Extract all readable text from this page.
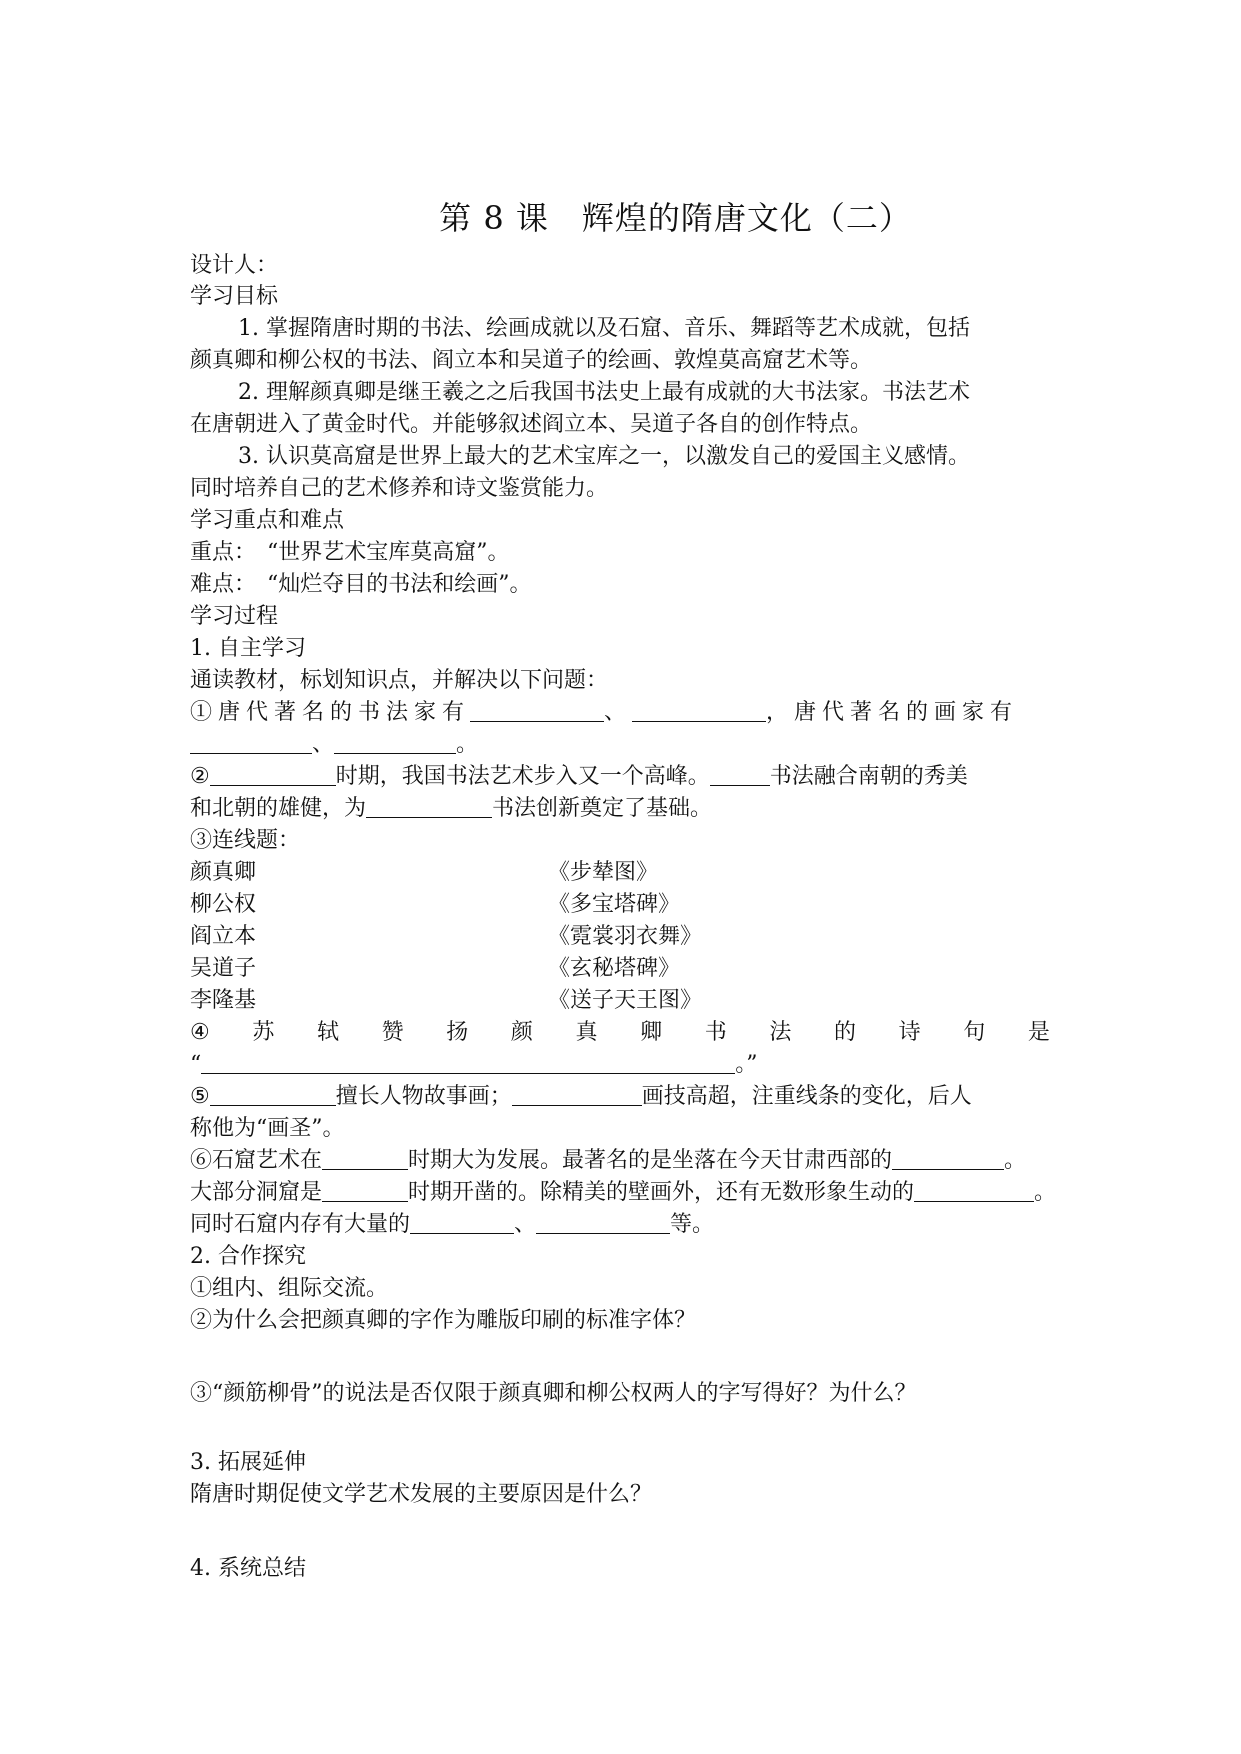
第 8 课　辉煌的隋唐文化（二）
设计人：
学习目标
1. 掌握隋唐时期的书法、绘画成就以及石窟、音乐、舞蹈等艺术成就，包括
颜真卿和柳公权的书法、阎立本和吴道子的绘画、敦煌莫高窟艺术等。
2. 理解颜真卿是继王羲之之后我国书法史上最有成就的大书法家。书法艺术
在唐朝进入了黄金时代。并能够叙述阎立本、吴道子各自的创作特点。
3. 认识莫高窟是世界上最大的艺术宝库之一，以激发自己的爱国主义感情。
同时培养自己的艺术修养和诗文鉴赏能力。
学习重点和难点
重点：　“世界艺术宝库莫高窟”。
难点：　“灿烂夺目的书法和绘画”。
学习过程
1. 自主学习
通读教材，标划知识点，并解决以下问题：
①唐代著名的书法家有	、	，唐代著名的画家有
、	。
②	时期，我国书法艺术步入又一个高峰。	书法融合南朝的秀美
和北朝的雄健，为	书法创新奠定了基础。
③连线题：
颜真卿	《步辇图》
柳公权	《多宝塔碑》
阎立本	《霓裳羽衣舞》
吴道子	《玄秘塔碑》
李隆基	《送子天王图》
④ 苏 轼 赞 扬 颜 真 卿 书 法 的 诗 句 是
“	。”
⑤	擅长人物故事画；	画技高超，注重线条的变化，后人
称他为“画圣”。
⑥石窟艺术在	时期大为发展。最著名的是坐落在今天甘肃西部的	。
大部分洞窟是	时期开凿的。除精美的壁画外，还有无数形象生动的	。
同时石窟内存有大量的	、	等。
2. 合作探究
①组内、组际交流。
②为什么会把颜真卿的字作为雕版印刷的标准字体？
③“颜筋柳骨”的说法是否仅限于颜真卿和柳公权两人的字写得好？为什么？
3. 拓展延伸
隋唐时期促使文学艺术发展的主要原因是什么？
4. 系统总结
